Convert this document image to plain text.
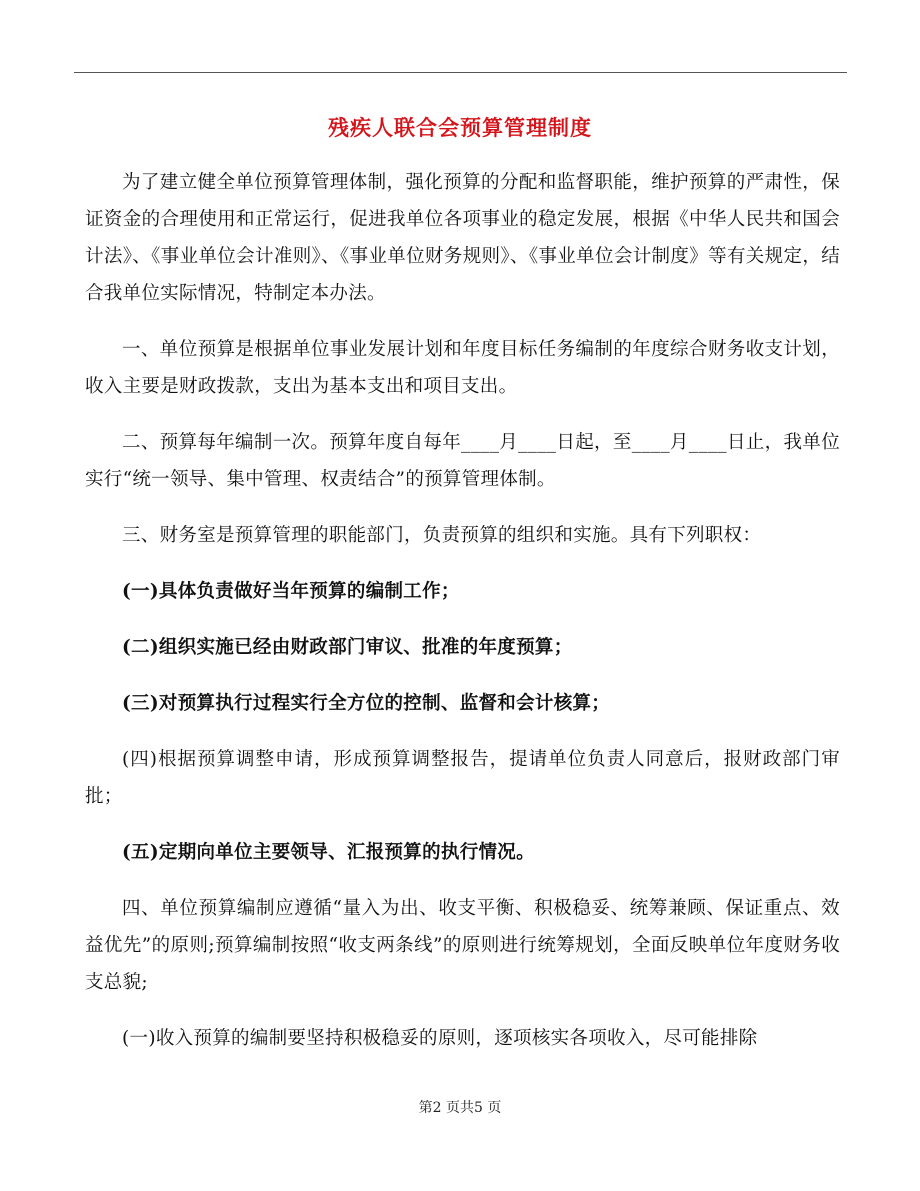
残疾人联合会预算管理制度

为了建立健全单位预算管理体制，强化预算的分配和监督职能，维护预算的严肃性，保证资金的合理使用和正常运行，促进我单位各项事业的稳定发展，根据《中华人民共和国会计法》、《事业单位会计准则》、《事业单位财务规则》、《事业单位会计制度》等有关规定，结合我单位实际情况，特制定本办法。

一、单位预算是根据单位事业发展计划和年度目标任务编制的年度综合财务收支计划，收入主要是财政拨款，支出为基本支出和项目支出。

二、预算每年编制一次。预算年度自每年____月____日起，至____月____日止，我单位实行“统一领导、集中管理、权责结合”的预算管理体制。

三、财务室是预算管理的职能部门，负责预算的组织和实施。具有下列职权：

(一)具体负责做好当年预算的编制工作；

(二)组织实施已经由财政部门审议、批准的年度预算；

(三)对预算执行过程实行全方位的控制、监督和会计核算；

(四)根据预算调整申请，形成预算调整报告，提请单位负责人同意后，报财政部门审批；

(五)定期向单位主要领导、汇报预算的执行情况。

四、单位预算编制应遵循“量入为出、收支平衡、积极稳妥、统筹兼顾、保证重点、效益优先”的原则;预算编制按照“收支两条线”的原则进行统筹规划，全面反映单位年度财务收支总貌;

(一)收入预算的编制要坚持积极稳妥的原则，逐项核实各项收入，尽可能排除

第2 页共5 页
